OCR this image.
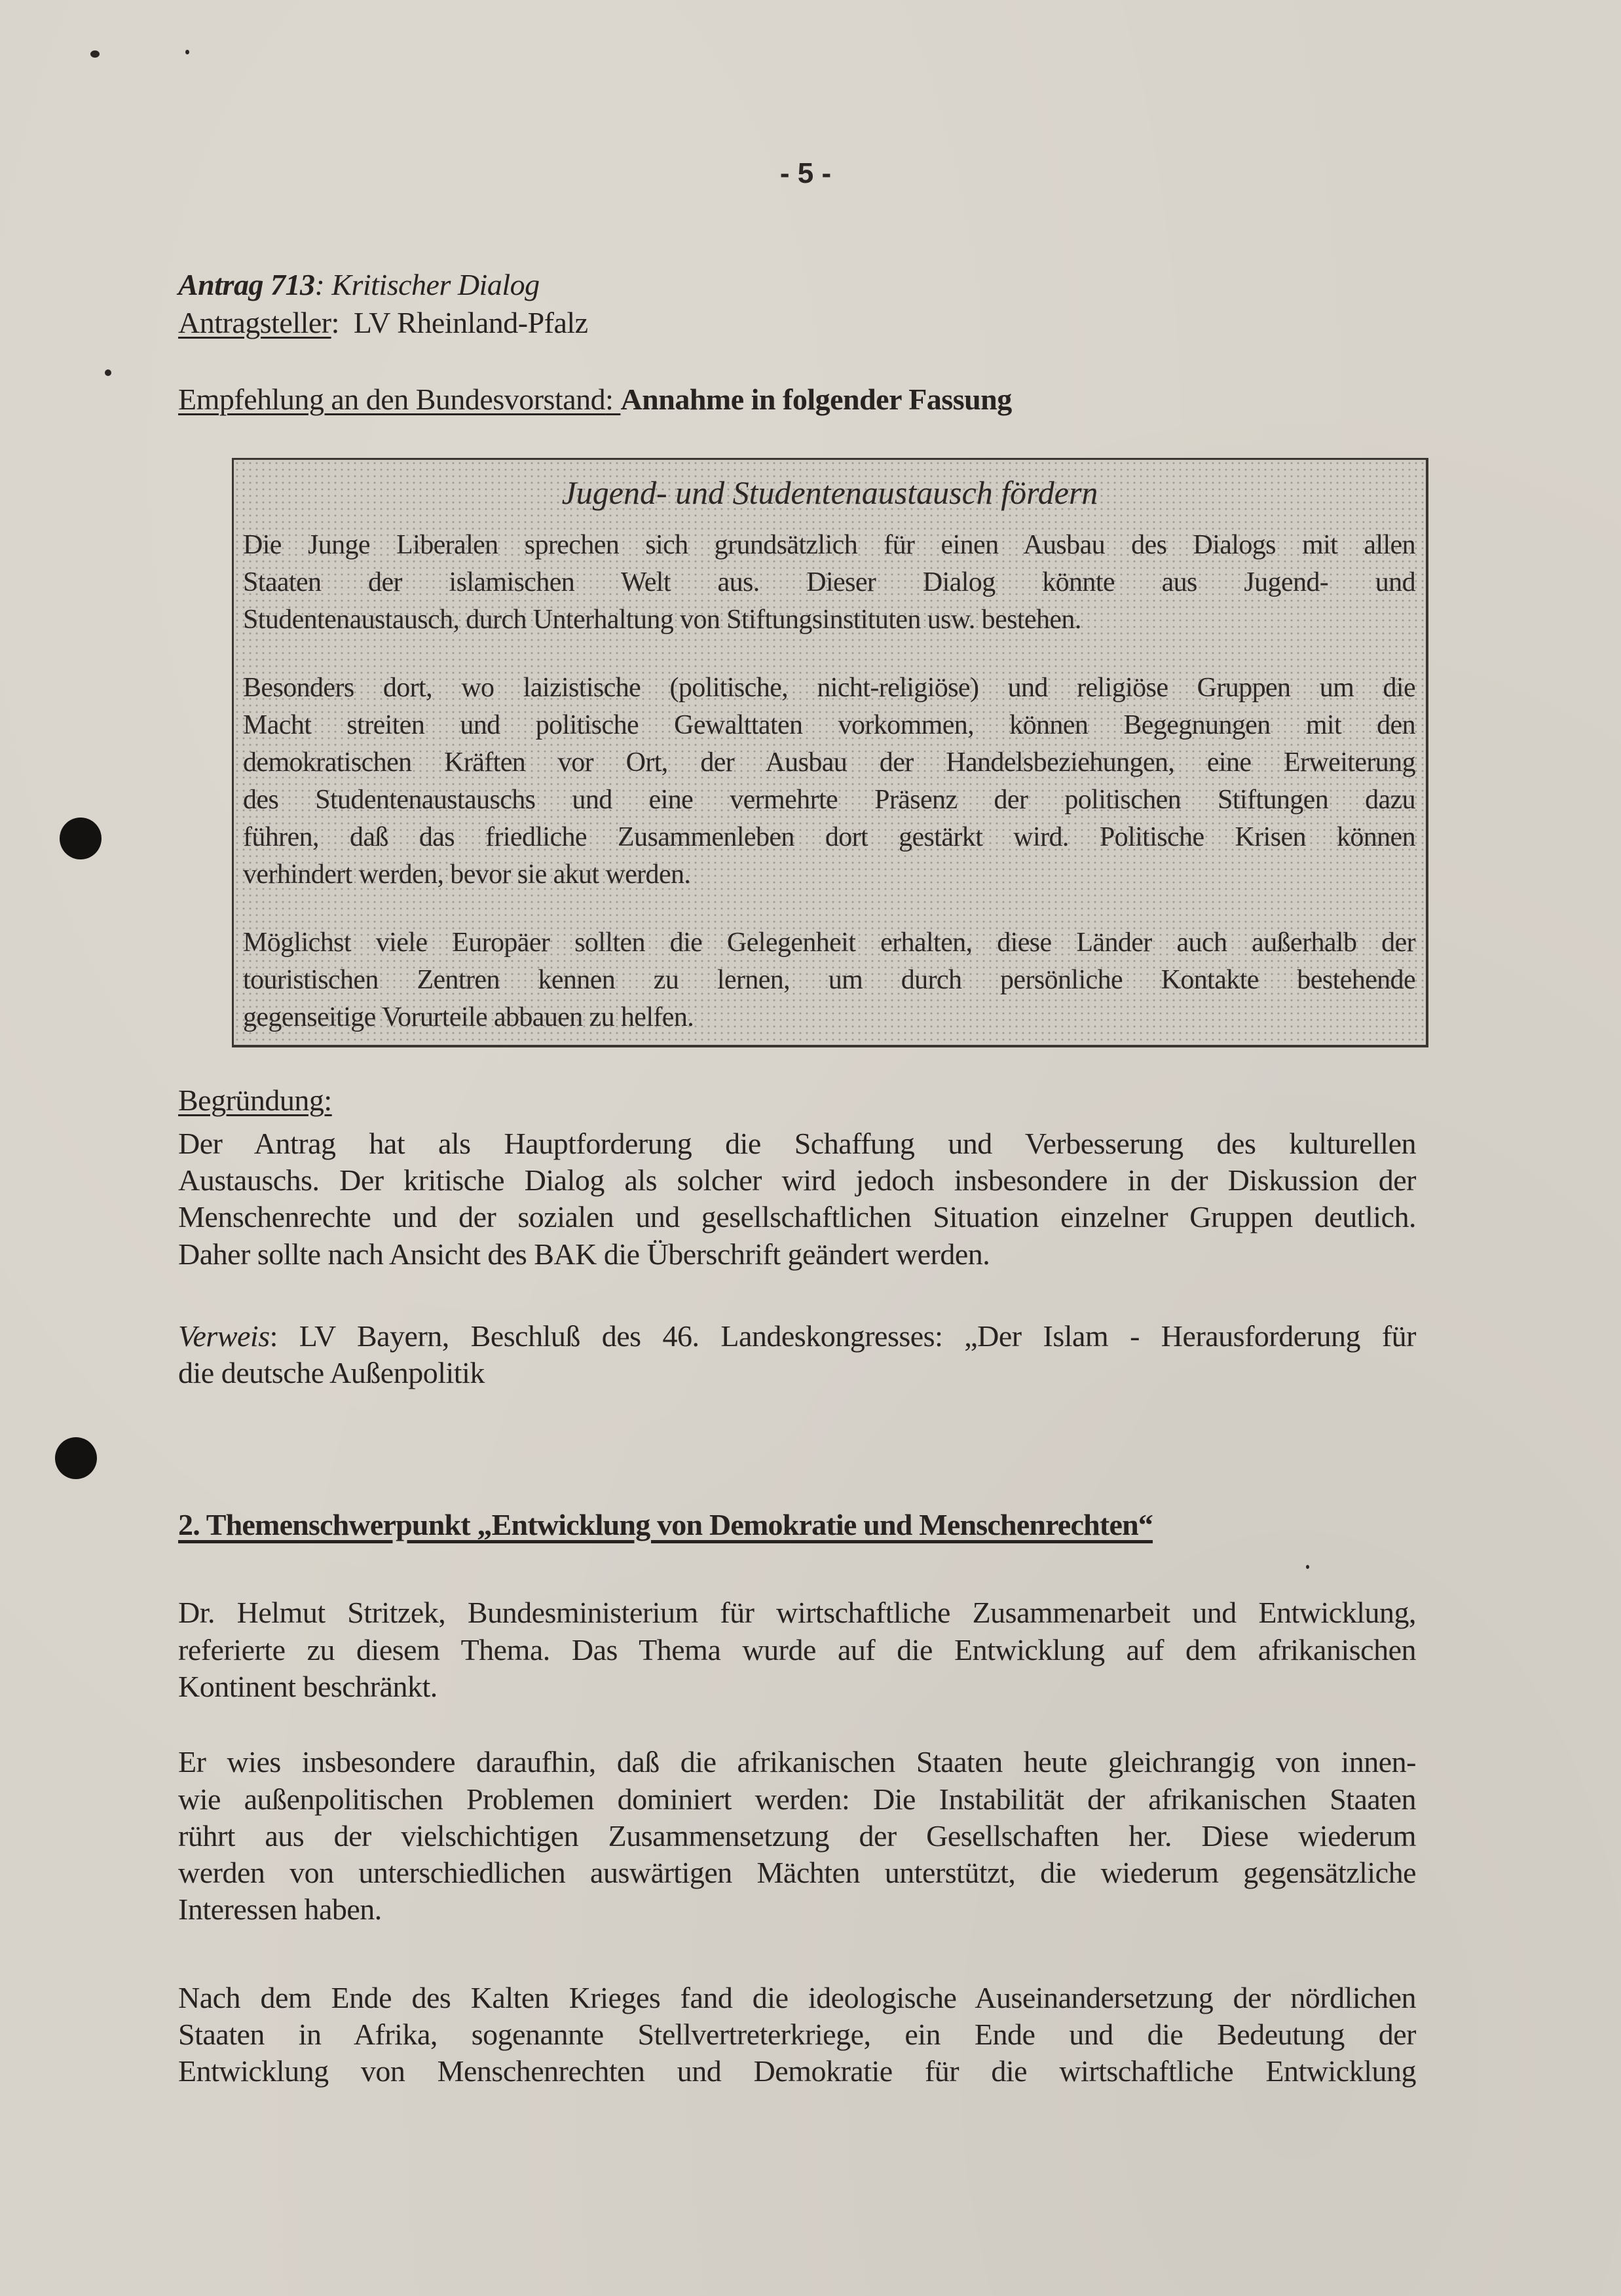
- 5 -
Antrag 713: Kritischer Dialog
Antragsteller:  LV Rheinland-Pfalz
Empfehlung an den Bundesvorstand: Annahme in folgender Fassung
Jugend- und Studentenaustausch fördern
Die Junge Liberalen sprechen sich grundsätzlich für einen Ausbau des Dialogs mit allen
Staaten der islamischen Welt aus. Dieser Dialog könnte aus Jugend- und
Studentenaustausch, durch Unterhaltung von Stiftungsinstituten usw. bestehen.
Besonders dort, wo laizistische (politische, nicht-religiöse) und religiöse Gruppen um die
Macht streiten und politische Gewalttaten vorkommen, können Begegnungen mit den
demokratischen Kräften vor Ort, der Ausbau der Handelsbeziehungen, eine Erweiterung
des Studentenaustauschs und eine vermehrte Präsenz der politischen Stiftungen dazu
führen, daß das friedliche Zusammenleben dort gestärkt wird. Politische Krisen können
verhindert werden, bevor sie akut werden.
Möglichst viele Europäer sollten die Gelegenheit erhalten, diese Länder auch außerhalb der
touristischen Zentren kennen zu lernen, um durch persönliche Kontakte bestehende
gegenseitige Vorurteile abbauen zu helfen.
Begründung:
Der Antrag hat als Hauptforderung die Schaffung und Verbesserung des kulturellen
Austauschs. Der kritische Dialog als solcher wird jedoch insbesondere in der Diskussion der
Menschenrechte und der sozialen und gesellschaftlichen Situation einzelner Gruppen deutlich.
Daher sollte nach Ansicht des BAK die Überschrift geändert werden.
Verweis: LV Bayern, Beschluß des 46. Landeskongresses: „Der Islam - Herausforderung für
die deutsche Außenpolitik
2. Themenschwerpunkt „Entwicklung von Demokratie und Menschenrechten“
Dr. Helmut Stritzek, Bundesministerium für wirtschaftliche Zusammenarbeit und Entwicklung,
referierte zu diesem Thema. Das Thema wurde auf die Entwicklung auf dem afrikanischen
Kontinent beschränkt.
Er wies insbesondere daraufhin, daß die afrikanischen Staaten heute gleichrangig von innen-
wie außenpolitischen Problemen dominiert werden: Die Instabilität der afrikanischen Staaten
rührt aus der vielschichtigen Zusammensetzung der Gesellschaften her. Diese wiederum
werden von unterschiedlichen auswärtigen Mächten unterstützt, die wiederum gegensätzliche
Interessen haben.
Nach dem Ende des Kalten Krieges fand die ideologische Auseinandersetzung der nördlichen
Staaten in Afrika, sogenannte Stellvertreterkriege, ein Ende und die Bedeutung der
Entwicklung von Menschenrechten und Demokratie für die wirtschaftliche Entwicklung
